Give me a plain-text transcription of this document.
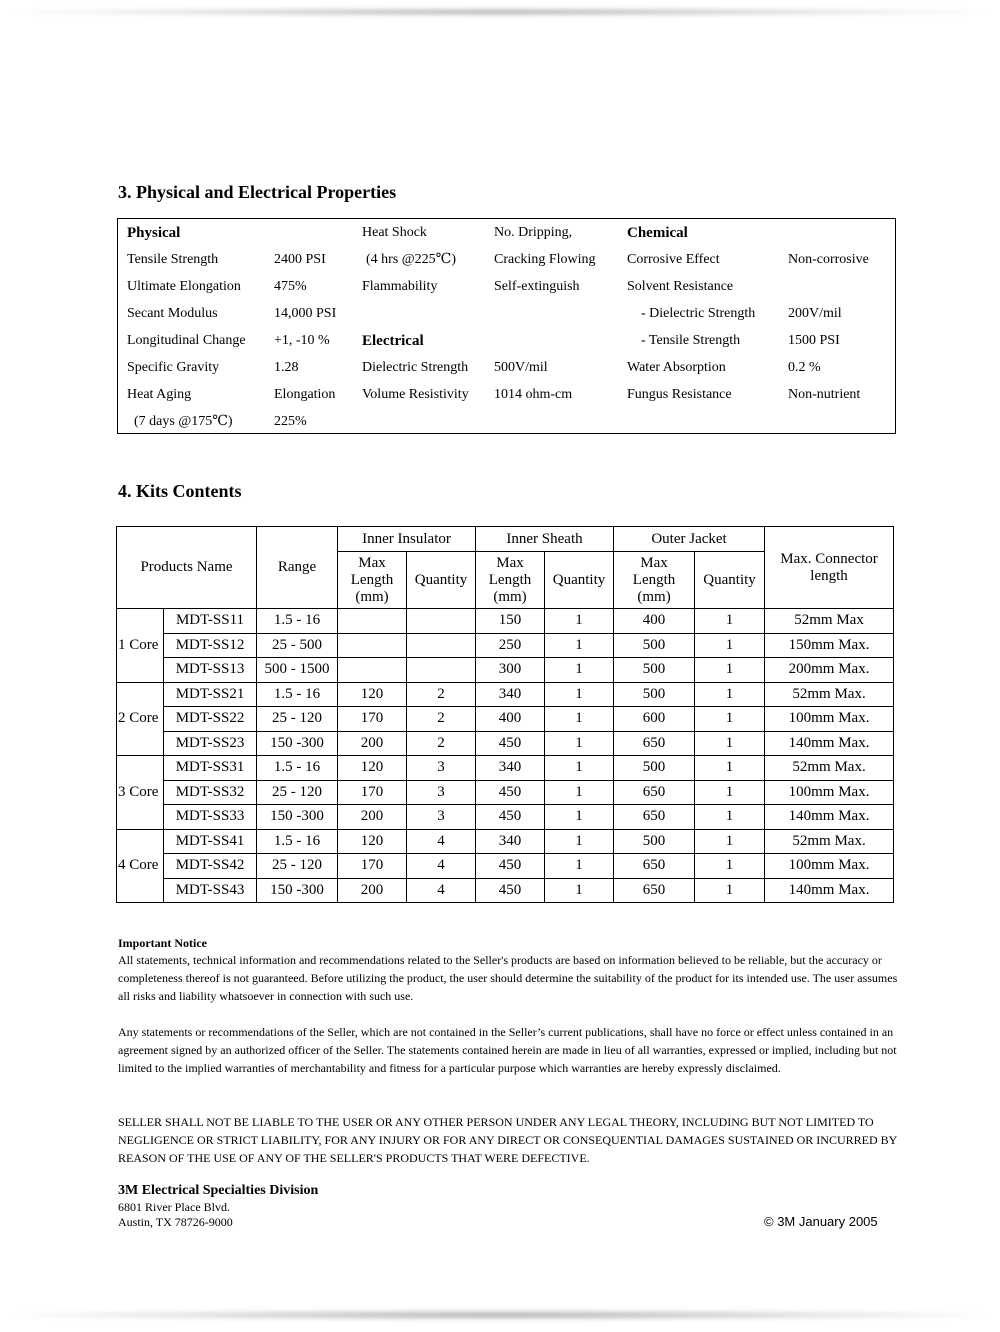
3. Physical and Electrical Properties
Physical
Tensile Strength	2400 PSI
Ultimate Elongation 475%
Secant Modulus	14,000 PSI
Longitudinal Change +1, -10 %
Specific Gravity	1.28
Heat Aging	Elongation
(7 days @175℃)	225%
Heat Shock	No. Dripping,
(4 hrs @225℃)	Cracking Flowing
Flammability	Self-extinguish
Electrical
Dielectric Strength 500V/mil
Volume Resistivity 1014 ohm-cm
Chemical
Corrosive Effect	Non-corrosive
Solvent Resistance
- Dielectric Strength 200V/mil
- Tensile Strength	1500 PSI
Water Absorption	0.2 %
Fungus Resistance	Non-nutrient
4. Kits Contents
Products Name		Range	Inner Insulator		Inner Sheath		Outer Jacket		Max. Connector length
			Max
Length
(mm)	Quantity	Max
Length
(mm)	Quantity	Max
Length
(mm)	Quantity	
1 Core	MDT-SS11	1.5 - 16			150	1	400	1	52mm Max
	MDT-SS12	25 - 500			250	1	500	1	150mm Max.
	MDT-SS13	500 - 1500			300	1	500	1	200mm Max.
2 Core	MDT-SS21	1.5 - 16	120	2	340	1	500	1	52mm Max.
	MDT-SS22	25 - 120	170	2	400	1	600	1	100mm Max.
	MDT-SS23	150 -300	200	2	450	1	650	1	140mm Max.
3 Core	MDT-SS31	1.5 - 16	120	3	340	1	500	1	52mm Max.
	MDT-SS32	25 - 120	170	3	450	1	650	1	100mm Max.
	MDT-SS33	150 -300	200	3	450	1	650	1	140mm Max.
4 Core	MDT-SS41	1.5 - 16	120	4	340	1	500	1	52mm Max.
	MDT-SS42	25 - 120	170	4	450	1	650	1	100mm Max.
	MDT-SS43	150 -300	200	4	450	1	650	1	140mm Max.
Important Notice
All statements, technical information and recommendations related to the Seller's products are based on information believed to be reliable, but the accuracy or completeness thereof is not guaranteed. Before utilizing the product, the user should determine the suitability of the product for its intended use. The user assumes all risks and liability whatsoever in connection with such use.
Any statements or recommendations of the Seller, which are not contained in the Seller’s current publications, shall have no force or effect unless contained in an agreement signed by an authorized officer of the Seller. The statements contained herein are made in lieu of all warranties, expressed or implied, including but not limited to the implied warranties of merchantability and fitness for a particular purpose which warranties are hereby expressly disclaimed.
SELLER SHALL NOT BE LIABLE TO THE USER OR ANY OTHER PERSON UNDER ANY LEGAL THEORY, INCLUDING BUT NOT LIMITED TO NEGLIGENCE OR STRICT LIABILITY, FOR ANY INJURY OR FOR ANY DIRECT OR CONSEQUENTIAL DAMAGES SUSTAINED OR INCURRED BY REASON OF THE USE OF ANY OF THE SELLER'S PRODUCTS THAT WERE DEFECTIVE.
3M Electrical Specialties Division
6801 River Place Blvd.
Austin, TX 78726-9000	© 3M January 2005
